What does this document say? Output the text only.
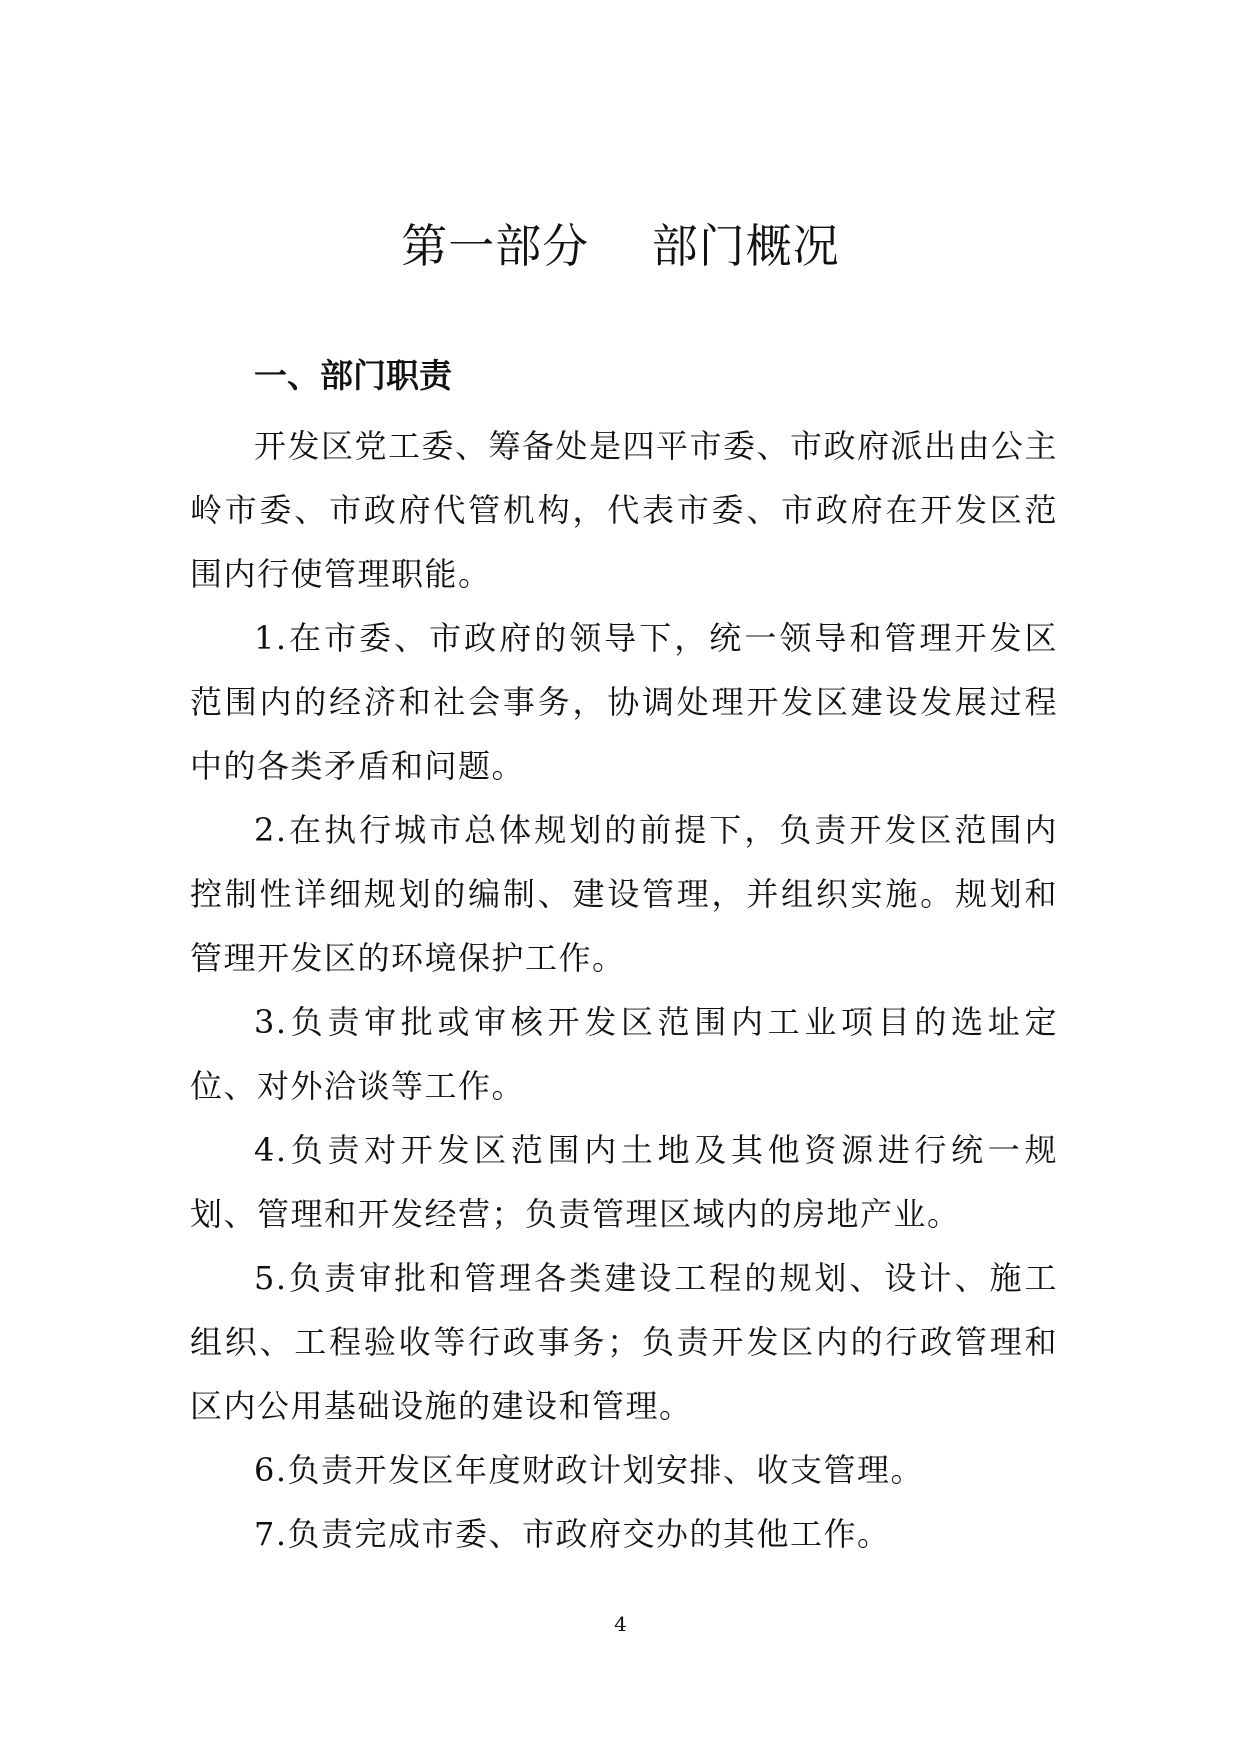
第一部分    部门概况
一、部门职责

开发区党工委、筹备处是四平市委、市政府派出由公主岭市委、市政府代管机构，代表市委、市政府在开发区范围内行使管理职能。

1.在市委、市政府的领导下，统一领导和管理开发区范围内的经济和社会事务，协调处理开发区建设发展过程中的各类矛盾和问题。

2.在执行城市总体规划的前提下，负责开发区范围内控制性详细规划的编制、建设管理，并组织实施。规划和管理开发区的环境保护工作。

3.负责审批或审核开发区范围内工业项目的选址定位、对外洽谈等工作。

4.负责对开发区范围内土地及其他资源进行统一规划、管理和开发经营；负责管理区域内的房地产业。

5.负责审批和管理各类建设工程的规划、设计、施工组织、工程验收等行政事务；负责开发区内的行政管理和区内公用基础设施的建设和管理。

6.负责开发区年度财政计划安排、收支管理。

7.负责完成市委、市政府交办的其他工作。

4
